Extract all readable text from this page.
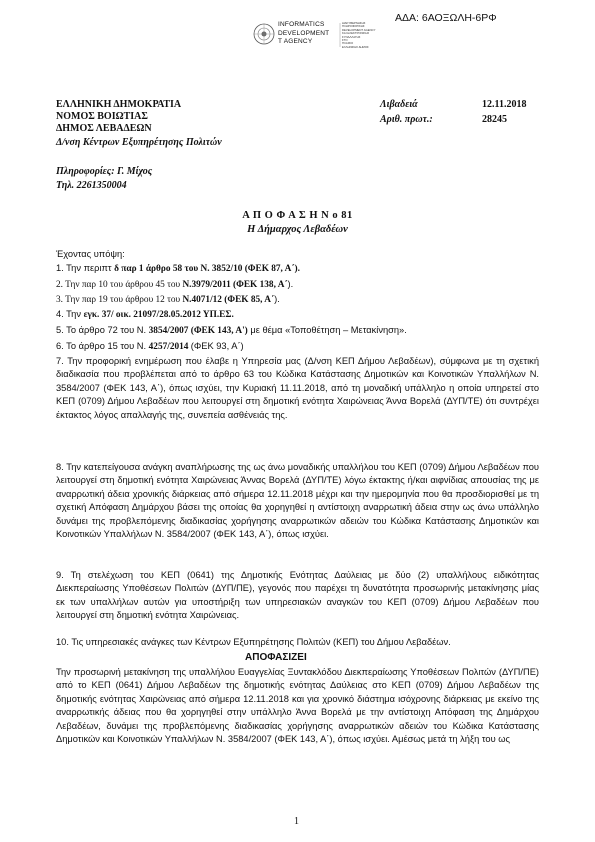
ΑΔΑ: 6ΑΟΞΩΛΗ-6ΡΦ
INFORMATICS
DEVELOPMENT
T AGENCY
ΔΙΑΚΥΒΕΡΝΗΣΗΣ
ΠΛΗΡΟΦΟΡΙΚΗΣ
DEVELOPMENT AGENCY
ΚΑΙ ΗΛΕΚΤΡΟΝΙΚΗΣ
ΣΥΝΑΛΛΑΓΗΣ
ΣΤΟ
ΠΛΑΙΣΙΟ
ΕΛΛΗΝΙΚΗΣ ΔΗΜΟΣ
ΕΛΛΗΝΙΚΗ ΔΗΜΟΚΡΑΤΙΑ
ΝΟΜΟΣ ΒΟΙΩΤΙΑΣ
ΔΗΜΟΣ ΛΕΒΑΔΕΩΝ
Δ/νση Κέντρων Εξυπηρέτησης Πολιτών
Λιβαδειά	12.11.2018
Αριθ. πρωτ.:	28245
Πληροφορίες: Γ. Μίχος
Τηλ. 2261350004
Α Π Ο Φ Α Σ Η Ν ο 81
Η Δήμαρχος Λεβαδέων
Έχοντας υπόψη:
1. Την περιπτ δ παρ 1 άρθρο 58 του Ν. 3852/10 (ΦΕΚ 87, Α΄).
2. Την παρ 10 του άρθρου 45 του Ν.3979/2011 (ΦΕΚ 138, Α΄).
3. Την παρ 19 του άρθρου 12 του Ν.4071/12 (ΦΕΚ 85, Α΄).
4. Την εγκ. 37/ οικ. 21097/28.05.2012 ΥΠ.ΕΣ.
5. Το άρθρο 72 του Ν. 3854/2007 (ΦΕΚ 143, Α') με θέμα «Τοποθέτηση – Μετακίνηση».
6. Το άρθρο 15 του Ν. 4257/2014 (ΦΕΚ 93, Α΄)
7. Την προφορική ενημέρωση που έλαβε η Υπηρεσία μας (Δ/νση ΚΕΠ Δήμου Λεβαδέων), σύμφωνα με τη σχετική διαδικασία που προβλέπεται από το άρθρο 63 του Κώδικα Κατάστασης Δημοτικών και Κοινοτικών Υπαλλήλων Ν. 3584/2007 (ΦΕΚ 143, Α΄), όπως ισχύει, την Κυριακή 11.11.2018, από τη μοναδική υπάλληλο η οποία υπηρετεί στο ΚΕΠ (0709) Δήμου Λεβαδέων που λειτουργεί στη δημοτική ενότητα Χαιρώνειας Άννα Βορελά (ΔΥΠ/ΤΕ) ότι συντρέχει έκτακτος λόγος απαλλαγής της, συνεπεία ασθένειάς της.
8. Την κατεπείγουσα ανάγκη αναπλήρωσης της ως άνω μοναδικής υπαλλήλου του ΚΕΠ (0709) Δήμου Λεβαδέων που λειτουργεί στη δημοτική ενότητα Χαιρώνειας Άννας Βορελά (ΔΥΠ/ΤΕ) λόγω έκτακτης ή/και αιφνίδιας απουσίας της με αναρρωτική άδεια χρονικής διάρκειας από σήμερα 12.11.2018 μέχρι και την ημερομηνία που θα προσδιορισθεί με τη σχετική Απόφαση Δημάρχου βάσει της οποίας θα χορηγηθεί η αντίστοιχη αναρρωτική άδεια στην ως άνω υπάλληλο δυνάμει της προβλεπόμενης διαδικασίας χορήγησης αναρρωτικών αδειών του Κώδικα Κατάστασης Δημοτικών και Κοινοτικών Υπαλλήλων Ν. 3584/2007 (ΦΕΚ 143, Α΄), όπως ισχύει.
9. Τη στελέχωση του ΚΕΠ (0641) της Δημοτικής Ενότητας Δαύλειας με δύο (2) υπαλλήλους ειδικότητας Διεκπεραίωσης Υποθέσεων Πολιτών (ΔΥΠ/ΠΕ), γεγονός που παρέχει τη δυνατότητα προσωρινής μετακίνησης μίας εκ των υπαλλήλων αυτών για υποστήριξη των υπηρεσιακών αναγκών του ΚΕΠ (0709) Δήμου Λεβαδέων που λειτουργεί στη δημοτική ενότητα Χαιρώνειας.
10. Τις υπηρεσιακές ανάγκες των Κέντρων Εξυπηρέτησης Πολιτών (ΚΕΠ) του Δήμου Λεβαδέων.
ΑΠΟΦΑΣΙΖΕΙ
Την προσωρινή μετακίνηση της υπαλλήλου Ευαγγελίας Ξυντακλόδου Διεκπεραίωσης Υποθέσεων Πολιτών (ΔΥΠ/ΠΕ) από το ΚΕΠ (0641) Δήμου Λεβαδέων της δημοτικής ενότητας Δαύλειας στο ΚΕΠ (0709) Δήμου Λεβαδέων της δημοτικής ενότητας Χαιρώνειας από σήμερα 12.11.2018 και για χρονικό διάστημα ισόχρονης διάρκειας με εκείνο της αναρρωτικής άδειας που θα χορηγηθεί στην υπάλληλο Άννα Βορελά με την αντίστοιχη Απόφαση της Δημάρχου Λεβαδέων, δυνάμει της προβλεπόμενης διαδικασίας χορήγησης αναρρωτικών αδειών του Κώδικα Κατάστασης Δημοτικών και Κοινοτικών Υπαλλήλων Ν. 3584/2007 (ΦΕΚ 143, Α΄), όπως ισχύει. Αμέσως μετά τη λήξη του ως
1
